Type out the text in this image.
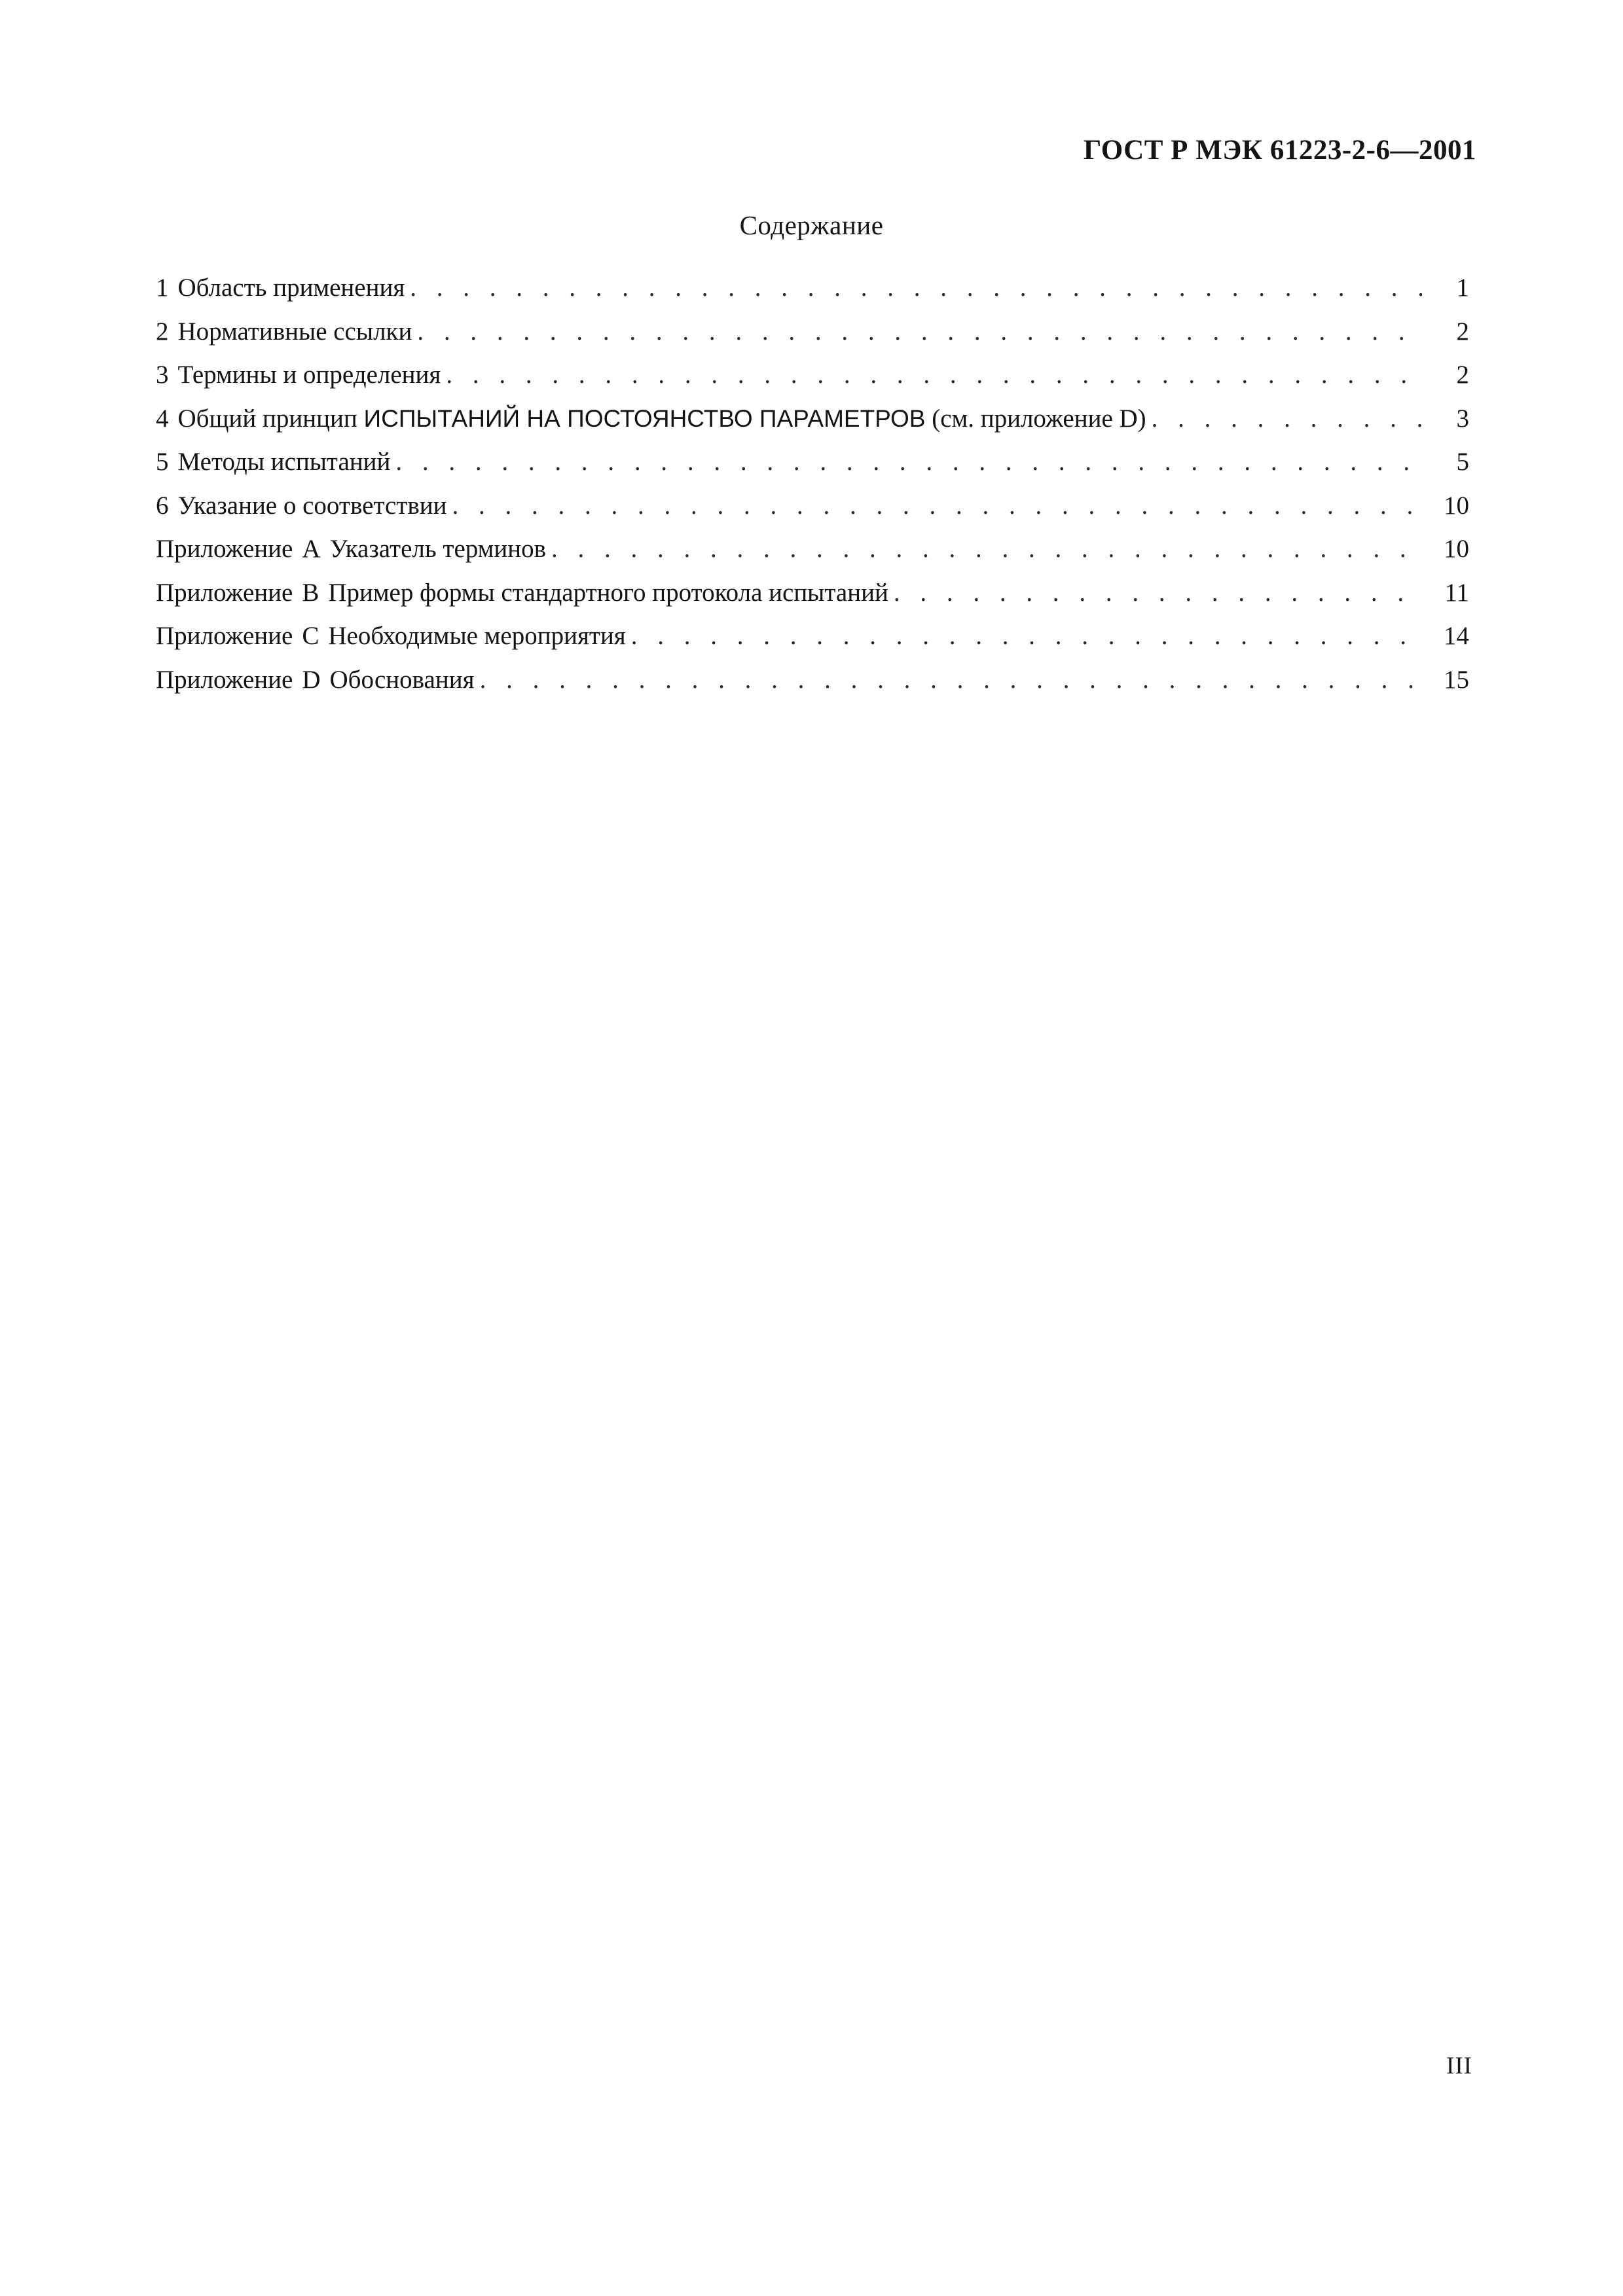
ГОСТ Р МЭК 61223-2-6—2001
Содержание
1 Область применения . . .	1
2 Нормативные ссылки . . .	2
3 Термины и определения . . .	2
4 Общий принцип ИСПЫТАНИЙ НА ПОСТОЯНСТВО ПАРАМЕТРОВ (см. приложение D) . . .	3
5 Методы испытаний . . .	5
6 Указание о соответствии . . .	10
Приложение A Указатель терминов . . .	10
Приложение B Пример формы стандартного протокола испытаний . . .	11
Приложение C Необходимые мероприятия . . .	14
Приложение D Обоснования . . .	15
III
